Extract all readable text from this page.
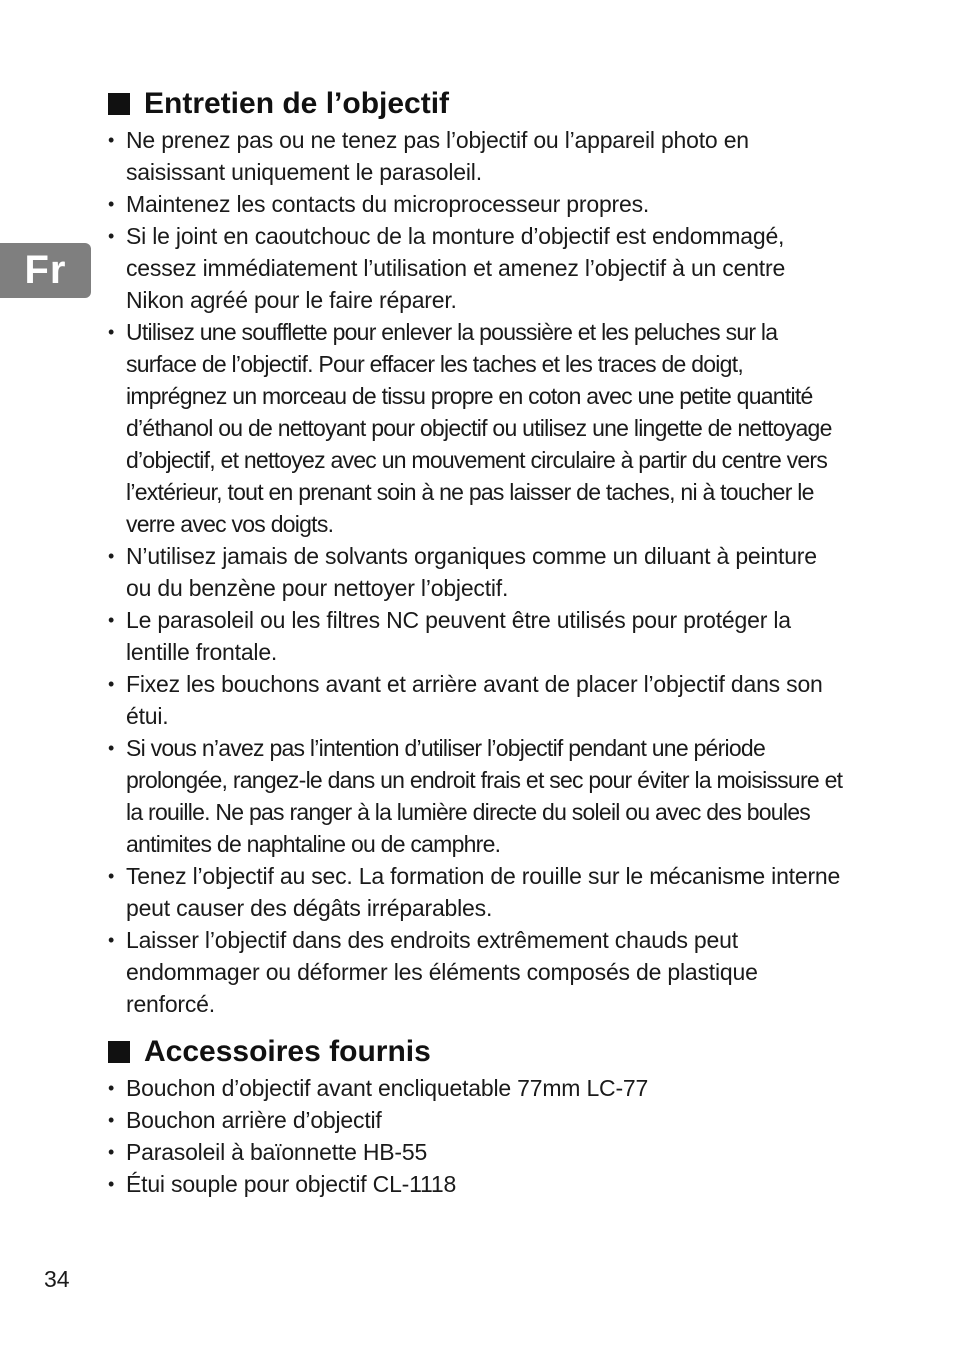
Fr
Entretien de l’objectif
• Ne prenez pas ou ne tenez pas l’objectif ou l’appareil photo en saisissant uniquement le parasoleil.
• Maintenez les contacts du microprocesseur propres.
• Si le joint en caoutchouc de la monture d’objectif est endommagé, cessez immédiatement l’utilisation et amenez l’objectif à un centre Nikon agréé pour le faire réparer.
• Utilisez une soufflette pour enlever la poussière et les peluches sur la surface de l’objectif. Pour effacer les taches et les traces de doigt, imprégnez un morceau de tissu propre en coton avec une petite quantité d’éthanol ou de nettoyant pour objectif ou utilisez une lingette de nettoyage d’objectif, et nettoyez avec un mouvement circulaire à partir du centre vers l’extérieur, tout en prenant soin à ne pas laisser de taches, ni à toucher le verre avec vos doigts.
• N’utilisez jamais de solvants organiques comme un diluant à peinture ou du benzène pour nettoyer l’objectif.
• Le parasoleil ou les filtres NC peuvent être utilisés pour protéger la lentille frontale.
• Fixez les bouchons avant et arrière avant de placer l’objectif dans son étui.
• Si vous n’avez pas l’intention d’utiliser l’objectif pendant une période prolongée, rangez-le dans un endroit frais et sec pour éviter la moisissure et la rouille. Ne pas ranger à la lumière directe du soleil ou avec des boules antimites de naphtaline ou de camphre.
• Tenez l’objectif au sec. La formation de rouille sur le mécanisme interne peut causer des dégâts irréparables.
• Laisser l’objectif dans des endroits extrêmement chauds peut endommager ou déformer les éléments composés de plastique renforcé.
Accessoires fournis
• Bouchon d’objectif avant encliquetable 77mm LC-77
• Bouchon arrière d’objectif
• Parasoleil à baïonnette HB-55
• Étui souple pour objectif CL-1118
34
